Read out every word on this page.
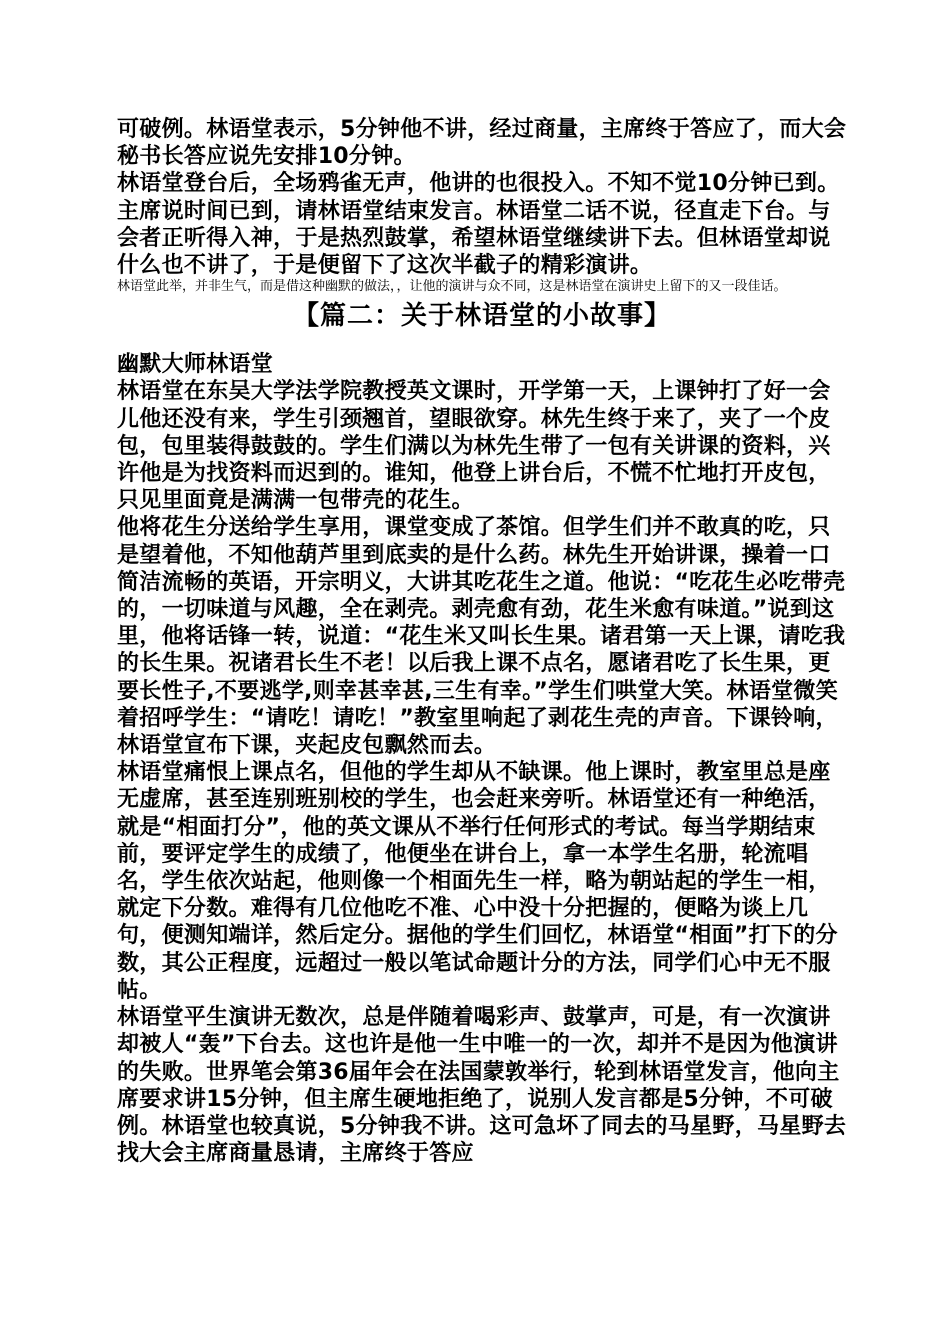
可破例。林语堂表示，5分钟他不讲，经过商量，主席终于答应了，而大会秘书长答应说先安排10分钟。

林语堂登台后，全场鸦雀无声，他讲的也很投入。不知不觉10分钟已到。主席说时间已到，请林语堂结束发言。林语堂二话不说，径直走下台。与会者正听得入神，于是热烈鼓掌，希望林语堂继续讲下去。但林语堂却说什么也不讲了，于是便留下了这次半截子的精彩演讲。

林语堂此举，并非生气，而是借这种幽默的做法，，让他的演讲与众不同，这是林语堂在演讲史上留下的又一段佳话。

【篇二：关于林语堂的小故事】

幽默大师林语堂

林语堂在东吴大学法学院教授英文课时，开学第一天，上课钟打了好一会儿他还没有来，学生引颈翘首，望眼欲穿。林先生终于来了，夹了一个皮包，包里装得鼓鼓的。学生们满以为林先生带了一包有关讲课的资料，兴许他是为找资料而迟到的。谁知，他登上讲台后，不慌不忙地打开皮包，只见里面竟是满满一包带壳的花生。

他将花生分送给学生享用，课堂变成了茶馆。但学生们并不敢真的吃，只是望着他，不知他葫芦里到底卖的是什么药。林先生开始讲课，操着一口简洁流畅的英语，开宗明义，大讲其吃花生之道。他说：“吃花生必吃带壳的，一切味道与风趣，全在剥壳。剥壳愈有劲，花生米愈有味道。”说到这里，他将话锋一转，说道：“花生米又叫长生果。诸君第一天上课，请吃我的长生果。祝诸君长生不老！以后我上课不点名，愿诸君吃了长生果，更要长性子,不要逃学,则幸甚幸甚,三生有幸。”学生们哄堂大笑。林语堂微笑着招呼学生：“请吃！请吃！”教室里响起了剥花生壳的声音。下课铃响，林语堂宣布下课，夹起皮包飘然而去。

林语堂痛恨上课点名，但他的学生却从不缺课。他上课时，教室里总是座无虚席，甚至连别班别校的学生，也会赶来旁听。林语堂还有一种绝活，就是“相面打分”，他的英文课从不举行任何形式的考试。每当学期结束前，要评定学生的成绩了，他便坐在讲台上，拿一本学生名册，轮流唱名，学生依次站起，他则像一个相面先生一样，略为朝站起的学生一相，就定下分数。难得有几位他吃不准、心中没十分把握的，便略为谈上几句，便测知端详，然后定分。据他的学生们回忆，林语堂“相面”打下的分数，其公正程度，远超过一般以笔试命题计分的方法，同学们心中无不服帖。

林语堂平生演讲无数次，总是伴随着喝彩声、鼓掌声，可是，有一次演讲却被人“轰”下台去。这也许是他一生中唯一的一次，却并不是因为他演讲的失败。世界笔会第36届年会在法国蒙敦举行，轮到林语堂发言，他向主席要求讲15分钟，但主席生硬地拒绝了，说别人发言都是5分钟，不可破例。林语堂也较真说，5分钟我不讲。这可急坏了同去的马星野，马星野去找大会主席商量恳请，主席终于答应
